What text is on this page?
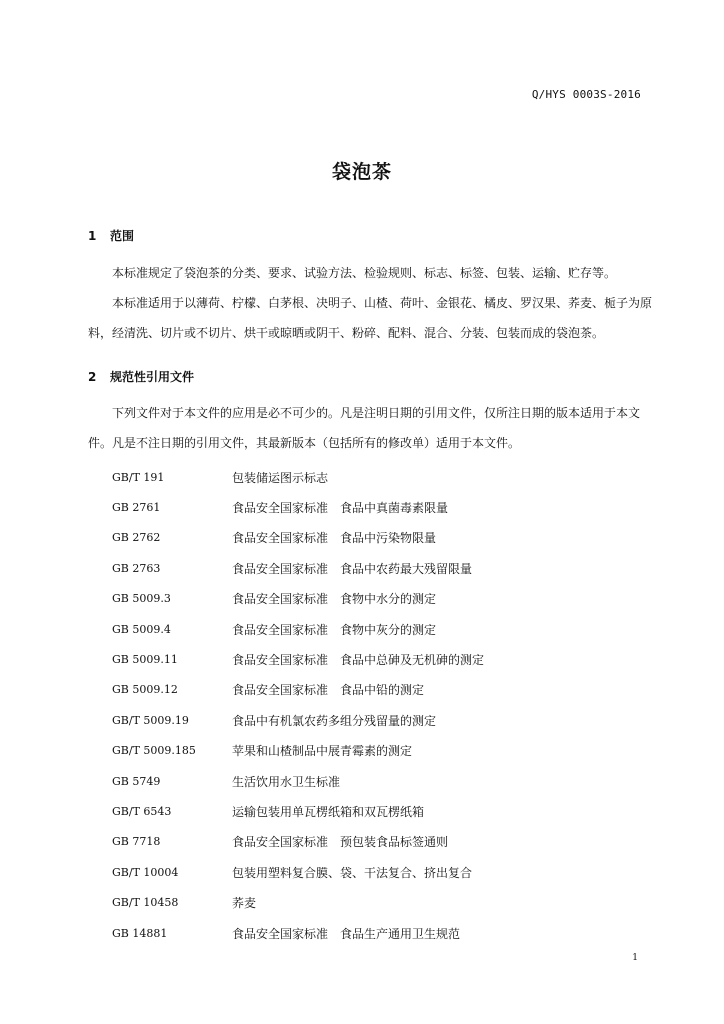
Q/HYS 0003S-2016
袋泡茶
1 范围
本标准规定了袋泡茶的分类、要求、试验方法、检验规则、标志、标签、包装、运输、贮存等。
本标准适用于以薄荷、柠檬、白茅根、决明子、山楂、荷叶、金银花、橘皮、罗汉果、荞麦、栀子为原料，经清洗、切片或不切片、烘干或晾晒或阴干、粉碎、配料、混合、分装、包装而成的袋泡茶。
2 规范性引用文件
下列文件对于本文件的应用是必不可少的。凡是注明日期的引用文件，仅所注日期的版本适用于本文件。凡是不注日期的引用文件，其最新版本（包括所有的修改单）适用于本文件。
GB/T 191	包装储运图示标志
GB 2761	食品安全国家标准　食品中真菌毒素限量
GB 2762	食品安全国家标准　食品中污染物限量
GB 2763	食品安全国家标准　食品中农药最大残留限量
GB 5009.3	食品安全国家标准　食物中水分的测定
GB 5009.4	食品安全国家标准　食物中灰分的测定
GB 5009.11	食品安全国家标准　食品中总砷及无机砷的测定
GB 5009.12	食品安全国家标准　食品中铅的测定
GB/T 5009.19	食品中有机氯农药多组分残留量的测定
GB/T 5009.185	苹果和山楂制品中展青霉素的测定
GB 5749	生活饮用水卫生标准
GB/T 6543	运输包装用单瓦楞纸箱和双瓦楞纸箱
GB 7718	食品安全国家标准　预包装食品标签通则
GB/T 10004	包装用塑料复合膜、袋、干法复合、挤出复合
GB/T 10458	荞麦
GB 14881	食品安全国家标准　食品生产通用卫生规范
1
